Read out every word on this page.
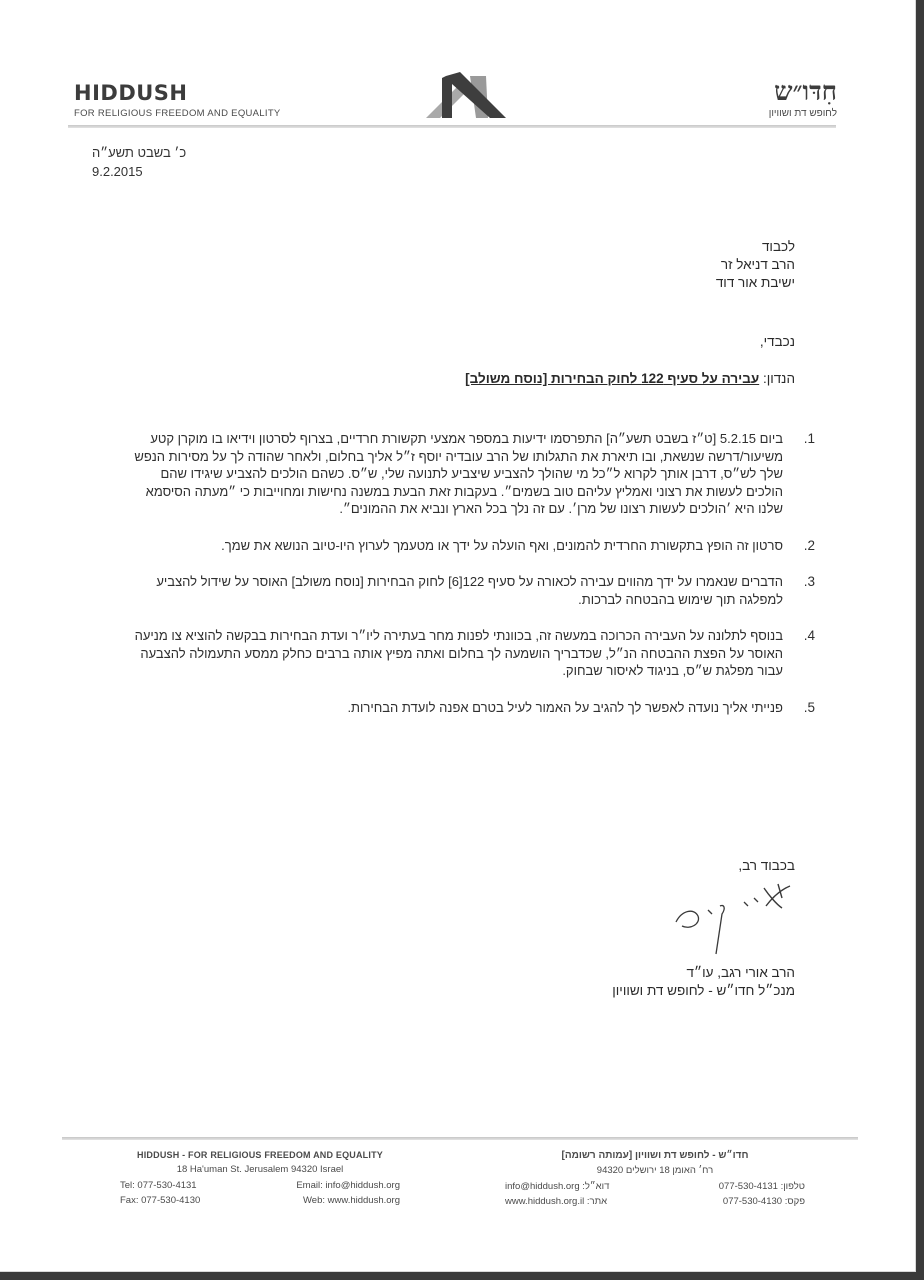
HIDDUSH
FOR RELIGIOUS FREEDOM AND EQUALITY
חִדּו״ש
לחופש דת ושוויון
כ׳ בשבט תשע״ה
9.2.2015
לכבוד
הרב דניאל זר
ישיבת אור דוד
נכבדי,
הנדון: עבירה על סעיף 122 לחוק הבחירות [נוסח משולב]
1.
ביום 5.2.15 [ט״ז בשבט תשע״ה] התפרסמו ידיעות במספר אמצעי תקשורת חרדיים, בצרוף לסרטון וידיאו בו מוקרן קטע משיעור/דרשה שנשאת, ובו תיארת את התגלותו של הרב עובדיה יוסף ז״ל אליך בחלום, ולאחר שהודה לך על מסירות הנפש שלך לש״ס, דרבן אותך לקרוא ל״כל מי שהולך להצביע שיצביע לתנועה שלי, ש״ס. כשהם הולכים להצביע שיגידו שהם הולכים לעשות את רצוני ואמליץ עליהם טוב בשמים״. בעקבות זאת הבעת במשנה נחישות ומחוייבות כי ״מעתה הסיסמא שלנו היא ׳הולכים לעשות רצונו של מרן׳. עם זה נלך בכל הארץ ונביא את ההמונים״.
2.
סרטון זה הופץ בתקשורת החרדית להמונים, ואף הועלה על ידך או מטעמך לערוץ היו-טיוב הנושא את שמך.
3.
הדברים שנאמרו על ידך מהווים עבירה לכאורה על סעיף 122[6] לחוק הבחירות [נוסח משולב] האוסר על שידול להצביע למפלגה תוך שימוש בהבטחה לברכות.
4.
בנוסף לתלונה על העבירה הכרוכה במעשה זה, בכוונתי לפנות מחר בעתירה ליו״ר ועדת הבחירות בבקשה להוציא צו מניעה האוסר על הפצת ההבטחה הנ״ל, שכדבריך הושמעה לך בחלום ואתה מפיץ אותה ברבים כחלק ממסע התעמולה להצבעה עבור מפלגת ש״ס, בניגוד לאיסור שבחוק.
5.
פנייתי אליך נועדה לאפשר לך להגיב על האמור לעיל בטרם אפנה לועדת הבחירות.
בכבוד רב,
הרב אורי רגב, עו״ד
מנכ״ל חדו״ש - לחופש דת ושוויון
HIDDUSH - FOR RELIGIOUS FREEDOM AND EQUALITY
18 Ha'uman St. Jerusalem 94320 Israel
Tel: 077-530-4131	Email: info@hiddush.org
Fax: 077-530-4130	Web: www.hiddush.org
חדו״ש - לחופש דת ושוויון [עמותה רשומה]
רח׳ האומן 18 ירושלים 94320
טלפון: 077-530-4131
דוא״ל: info@hiddush.org
פקס: 077-530-4130
אתר: www.hiddush.org.il
